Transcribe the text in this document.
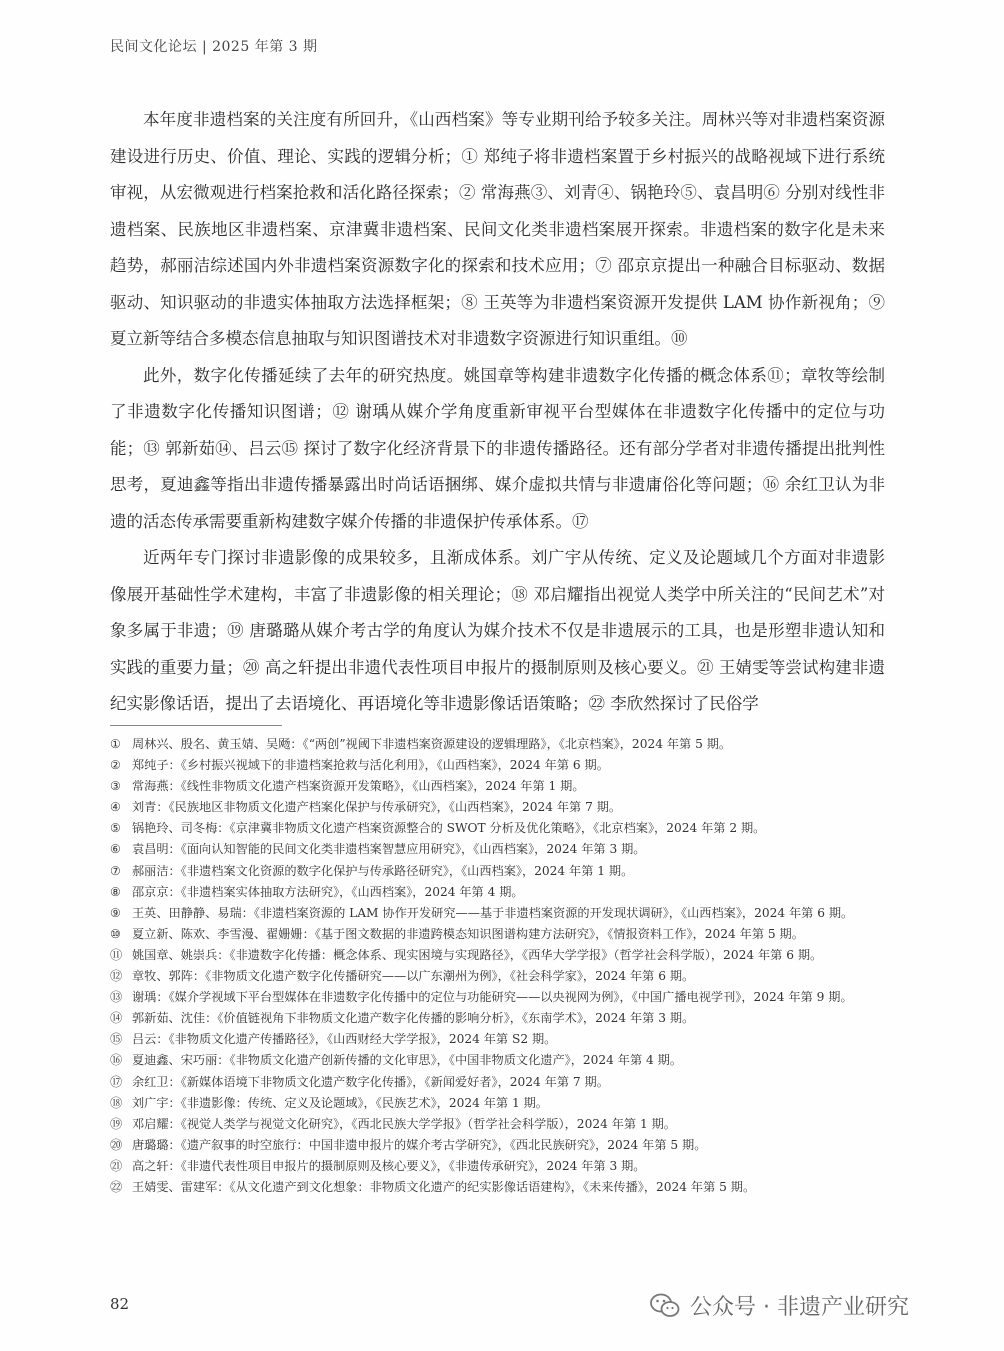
民间文化论坛 | 2025 年第 3 期

本年度非遗档案的关注度有所回升，《山西档案》等专业期刊给予较多关注。周林兴等对非遗档案资源建设进行历史、价值、理论、实践的逻辑分析；① 郑纯子将非遗档案置于乡村振兴的战略视域下进行系统审视，从宏微观进行档案抢救和活化路径探索；② 常海燕③、刘青④、锅艳玲⑤、袁昌明⑥ 分别对线性非遗档案、民族地区非遗档案、京津冀非遗档案、民间文化类非遗档案展开探索。非遗档案的数字化是未来趋势，郝丽洁综述国内外非遗档案资源数字化的探索和技术应用；⑦ 邵京京提出一种融合目标驱动、数据驱动、知识驱动的非遗实体抽取方法选择框架；⑧ 王英等为非遗档案资源开发提供 LAM 协作新视角；⑨ 夏立新等结合多模态信息抽取与知识图谱技术对非遗数字资源进行知识重组。⑩

此外，数字化传播延续了去年的研究热度。姚国章等构建非遗数字化传播的概念体系⑪；章牧等绘制了非遗数字化传播知识图谱；⑫ 谢瑀从媒介学角度重新审视平台型媒体在非遗数字化传播中的定位与功能；⑬ 郭新茹⑭、吕云⑮ 探讨了数字化经济背景下的非遗传播路径。还有部分学者对非遗传播提出批判性思考，夏迪鑫等指出非遗传播暴露出时尚话语捆绑、媒介虚拟共情与非遗庸俗化等问题；⑯ 余红卫认为非遗的活态传承需要重新构建数字媒介传播的非遗保护传承体系。⑰

近两年专门探讨非遗影像的成果较多，且渐成体系。刘广宇从传统、定义及论题域几个方面对非遗影像展开基础性学术建构，丰富了非遗影像的相关理论；⑱ 邓启耀指出视觉人类学中所关注的“民间艺术”对象多属于非遗；⑲ 唐璐璐从媒介考古学的角度认为媒介技术不仅是非遗展示的工具，也是形塑非遗认知和实践的重要力量；⑳ 高之轩提出非遗代表性项目申报片的摄制原则及核心要义。㉑ 王婧雯等尝试构建非遗纪实影像话语，提出了去语境化、再语境化等非遗影像话语策略；㉒ 李欣然探讨了民俗学

① 周林兴、殷名、黄玉婧、吴飏：《“两创”视阈下非遗档案资源建设的逻辑理路》，《北京档案》，2024 年第 5 期。
② 郑纯子：《乡村振兴视域下的非遗档案抢救与活化利用》，《山西档案》，2024 年第 6 期。
③ 常海燕：《线性非物质文化遗产档案资源开发策略》，《山西档案》，2024 年第 1 期。
④ 刘青：《民族地区非物质文化遗产档案化保护与传承研究》，《山西档案》，2024 年第 7 期。
⑤ 锅艳玲、司冬梅：《京津冀非物质文化遗产档案资源整合的 SWOT 分析及优化策略》，《北京档案》，2024 年第 2 期。
⑥ 袁昌明：《面向认知智能的民间文化类非遗档案智慧应用研究》，《山西档案》，2024 年第 3 期。
⑦ 郝丽洁：《非遗档案文化资源的数字化保护与传承路径研究》，《山西档案》，2024 年第 1 期。
⑧ 邵京京：《非遗档案实体抽取方法研究》，《山西档案》，2024 年第 4 期。
⑨ 王英、田静静、易瑞：《非遗档案资源的 LAM 协作开发研究——基于非遗档案资源的开发现状调研》，《山西档案》，2024 年第 6 期。
⑩ 夏立新、陈欢、李雪漫、翟姗姗：《基于图文数据的非遗跨模态知识图谱构建方法研究》，《情报资料工作》，2024 年第 5 期。
⑪ 姚国章、姚崇兵：《非遗数字化传播：概念体系、现实困境与实现路径》，《西华大学学报》（哲学社会科学版），2024 年第 6 期。
⑫ 章牧、郭阵：《非物质文化遗产数字化传播研究——以广东潮州为例》，《社会科学家》，2024 年第 6 期。
⑬ 谢瑀：《媒介学视域下平台型媒体在非遗数字化传播中的定位与功能研究——以央视网为例》，《中国广播电视学刊》，2024 年第 9 期。
⑭ 郭新茹、沈佳：《价值链视角下非物质文化遗产数字化传播的影响分析》，《东南学术》，2024 年第 3 期。
⑮ 吕云：《非物质文化遗产传播路径》，《山西财经大学学报》，2024 年第 S2 期。
⑯ 夏迪鑫、宋巧丽：《非物质文化遗产创新传播的文化审思》，《中国非物质文化遗产》，2024 年第 4 期。
⑰ 余红卫：《新媒体语境下非物质文化遗产数字化传播》，《新闻爱好者》，2024 年第 7 期。
⑱ 刘广宇：《非遗影像：传统、定义及论题域》，《民族艺术》，2024 年第 1 期。
⑲ 邓启耀：《视觉人类学与视觉文化研究》，《西北民族大学学报》（哲学社会科学版），2024 年第 1 期。
⑳ 唐璐璐：《遗产叙事的时空旅行：中国非遗申报片的媒介考古学研究》，《西北民族研究》，2024 年第 5 期。
㉑ 高之轩：《非遗代表性项目申报片的摄制原则及核心要义》，《非遗传承研究》，2024 年第 3 期。
㉒ 王婧雯、雷建军：《从文化遗产到文化想象：非物质文化遗产的纪实影像话语建构》，《未来传播》，2024 年第 5 期。
82	公众号 · 非遗产业研究
